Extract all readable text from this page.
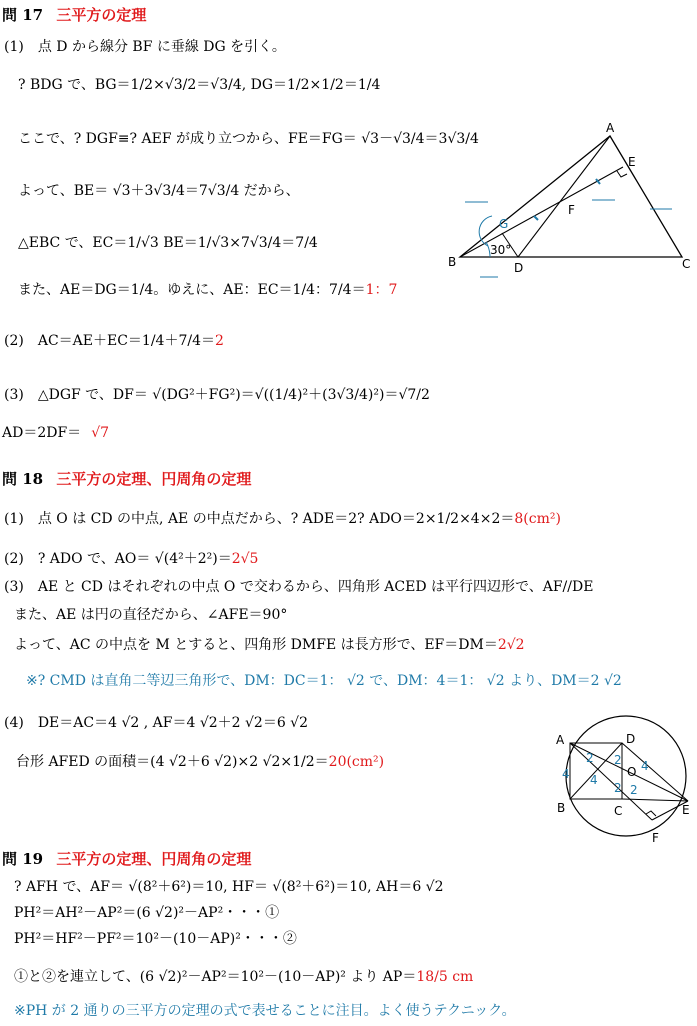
問 17 三平方の定理
(1)　点 D から線分 BF に垂線 DG を引く。
? BDG で、BG＝1/2×√3/2＝√3/4, DG＝1/2×1/2＝1/4
ここで、? DGF≡? AEF が成り立つから、FE＝FG＝ √3－√3/4＝3√3/4
よって、BE＝ √3＋3√3/4＝7√3/4 だから、
△EBC で、EC＝1/√3 BE＝1/√3×7√3/4＝7/4
また、AE＝DG＝1/4。ゆえに、AE：EC＝1/4：7/4＝1：7
(2)　AC＝AE＋EC＝1/4＋7/4＝2
(3)　△DGF で、DF＝ √(DG²＋FG²)＝√((1/4)²＋(3√3/4)²)＝√7/2
AD＝2DF＝ √7
A
B	C
D
E
F
G
30°
問 18 三平方の定理、円周角の定理
(1)　点 O は CD の中点, AE の中点だから、? ADE＝2? ADO＝2×1/2×4×2＝8(cm²)
(2)　? ADO で、AO＝ √(4²＋2²)＝2√5
(3)　AE と CD はそれぞれの中点 O で交わるから、四角形 ACED は平行四辺形で、AF//DE
また、AE は円の直径だから、∠AFE＝90°
よって、AC の中点を M とすると、四角形 DMFE は長方形で、EF＝DM＝2√2
※? CMD は直角二等辺三角形で、DM：DC＝1： √2 で、DM：4＝1： √2 より、DM＝2 √2
(4)　DE＝AC＝4 √2 , AF＝4 √2＋2 √2＝6 √2
台形 AFED の面積＝(4 √2＋6 √2)×2 √2×1/2＝20(cm²)
A
B	C
D
E
F
O
4 4
4
2 2
2 2
問 19 三平方の定理、円周角の定理
? AFH で、AF＝ √(8²＋6²)＝10, HF＝ √(8²＋6²)＝10, AH＝6 √2
PH²＝AH²－AP²＝(6 √2)²－AP²・・・①
PH²＝HF²－PF²＝10²－(10－AP)²・・・②
①と②を連立して、(6 √2)²－AP²＝10²－(10－AP)² より AP＝18/5 cm
※PH が 2 通りの三平方の定理の式で表せることに注目。よく使うテクニック。
